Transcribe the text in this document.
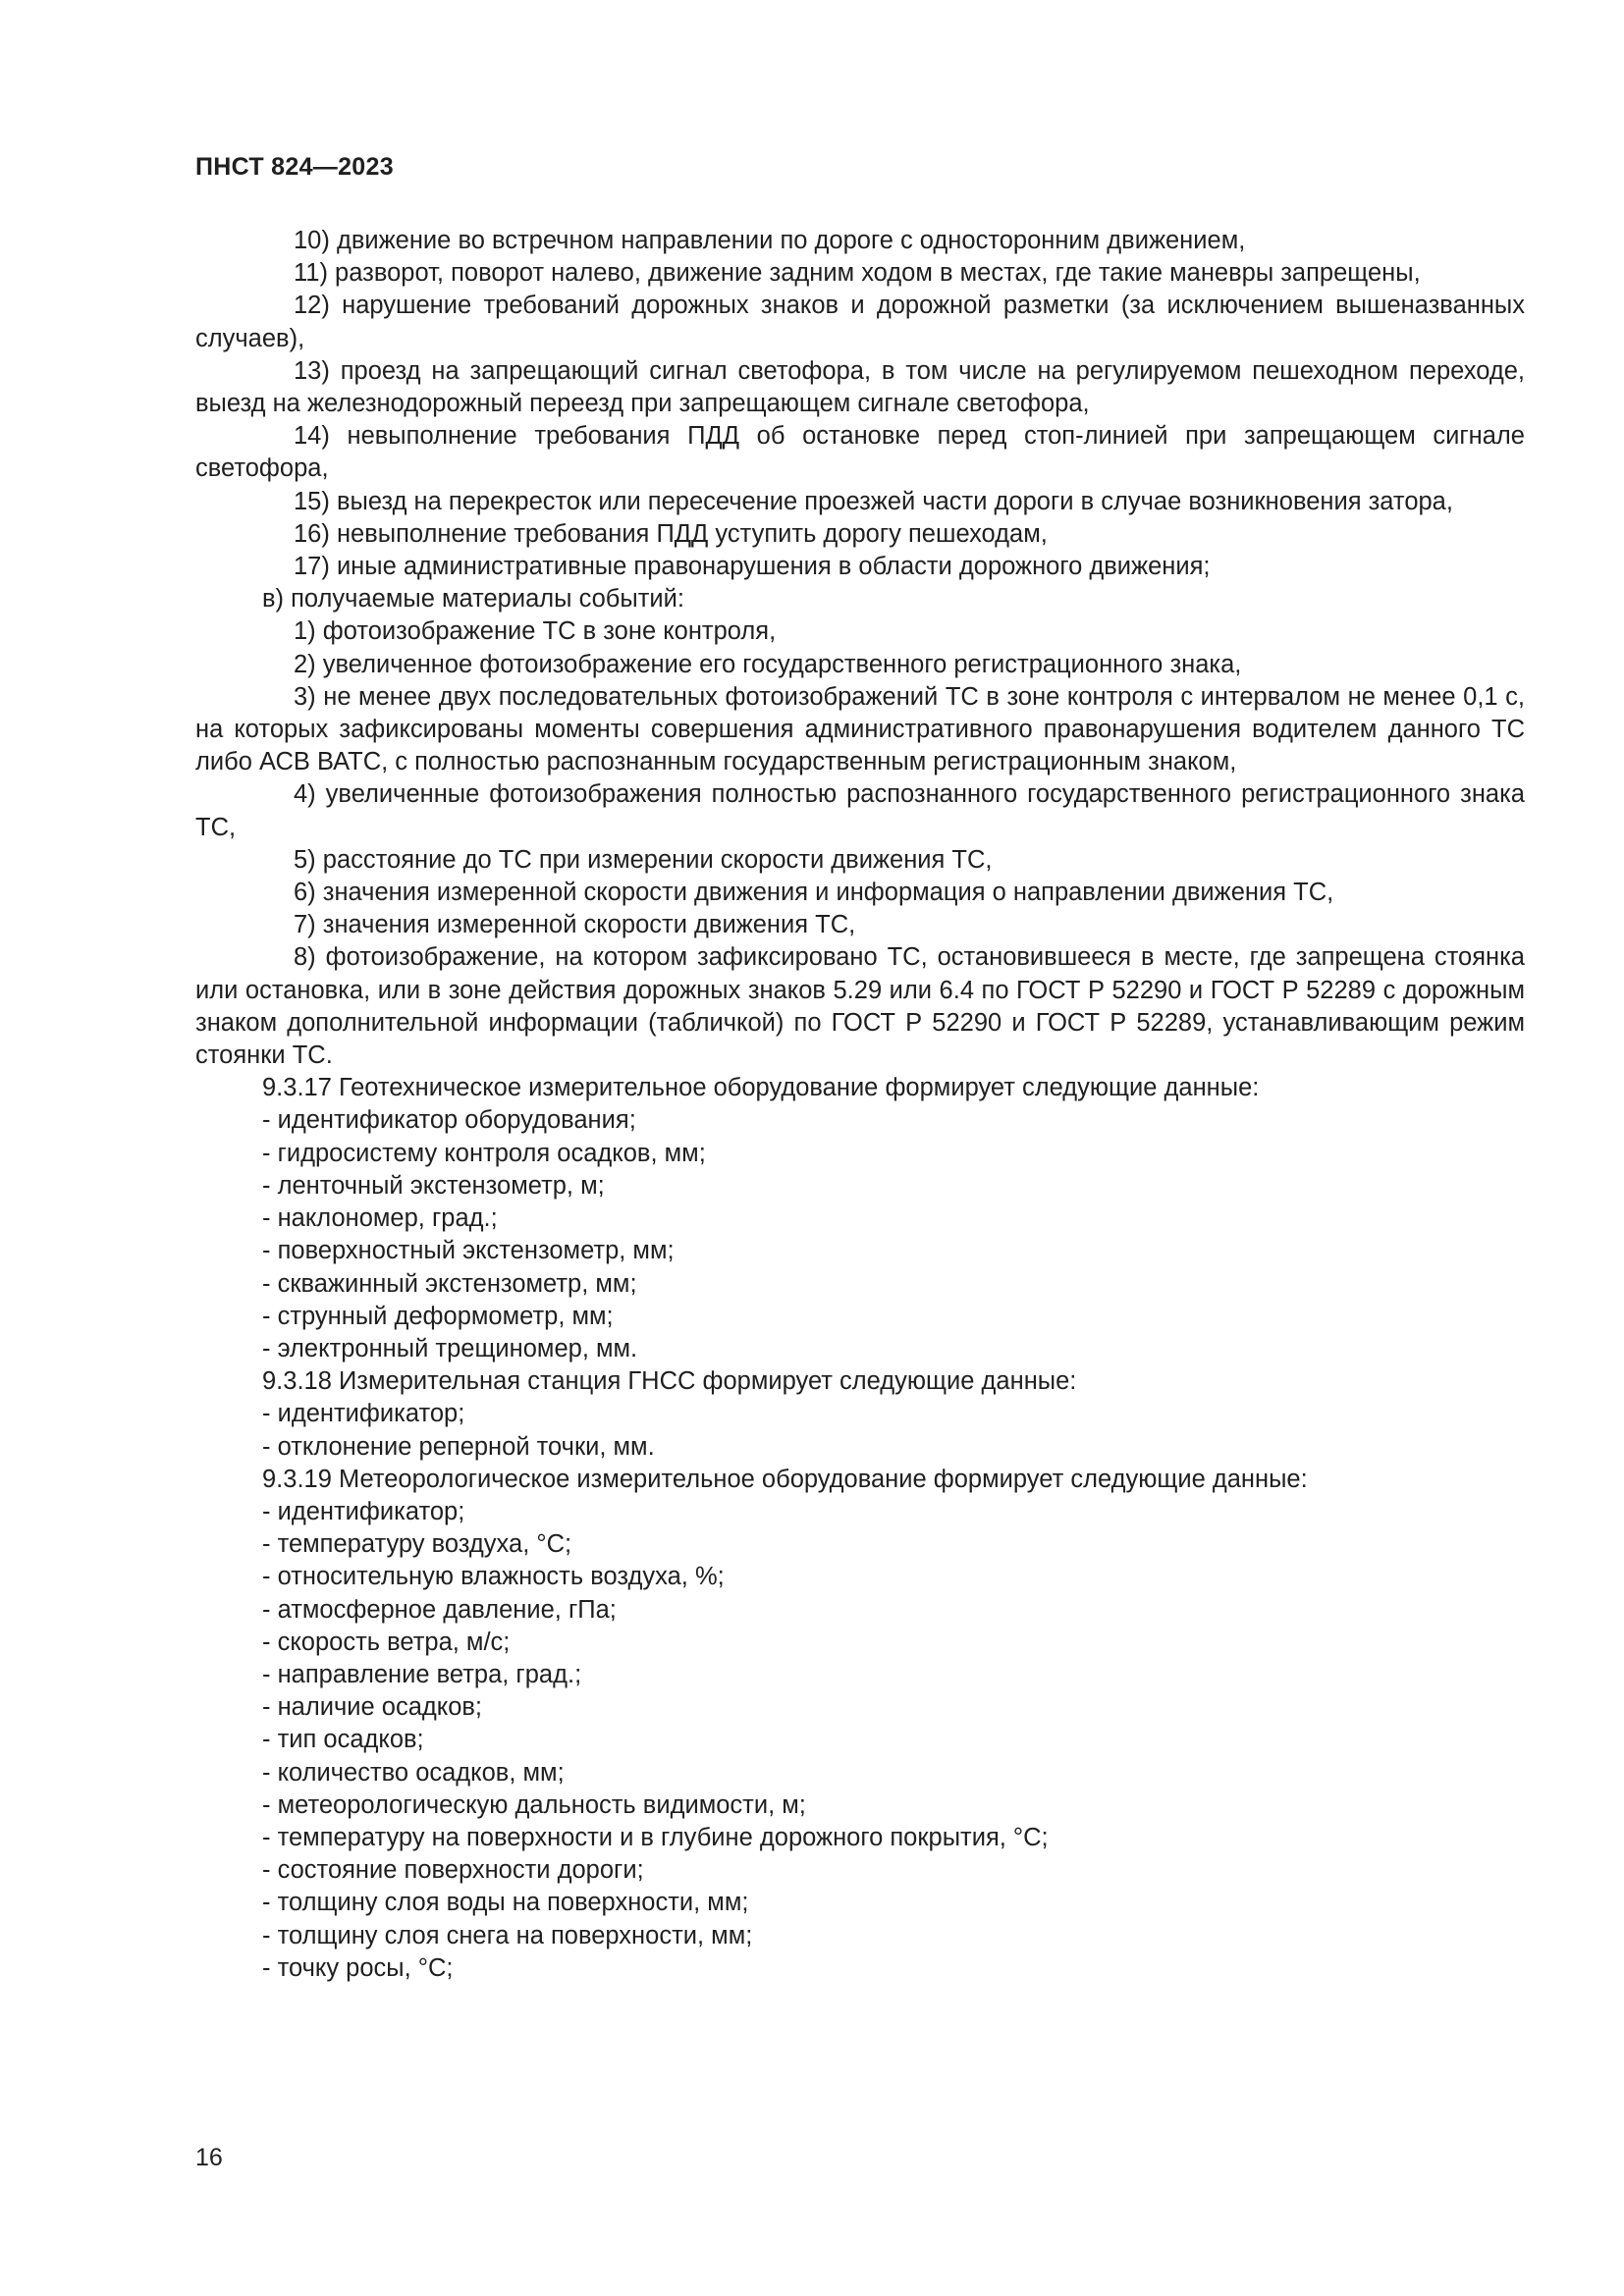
ПНСТ 824—2023

10) движение во встречном направлении по дороге с односторонним движением,

11) разворот, поворот налево, движение задним ходом в местах, где такие маневры запрещены,

12) нарушение требований дорожных знаков и дорожной разметки (за исключением вышеназванных случаев),

13) проезд на запрещающий сигнал светофора, в том числе на регулируемом пешеходном переходе, выезд на железнодорожный переезд при запрещающем сигнале светофора,

14) невыполнение требования ПДД об остановке перед стоп-линией при запрещающем сигнале светофора,

15) выезд на перекресток или пересечение проезжей части дороги в случае возникновения затора,

16) невыполнение требования ПДД уступить дорогу пешеходам,

17) иные административные правонарушения в области дорожного движения;

в) получаемые материалы событий:

1) фотоизображение ТС в зоне контроля,

2) увеличенное фотоизображение его государственного регистрационного знака,

3) не менее двух последовательных фотоизображений ТС в зоне контроля с интервалом не менее 0,1 с, на которых зафиксированы моменты совершения административного правонарушения водителем данного ТС либо АСВ ВАТС, с полностью распознанным государственным регистрационным знаком,

4) увеличенные фотоизображения полностью распознанного государственного регистрационного знака ТС,

5) расстояние до ТС при измерении скорости движения ТС,

6) значения измеренной скорости движения и информация о направлении движения ТС,

7) значения измеренной скорости движения ТС,

8) фотоизображение, на котором зафиксировано ТС, остановившееся в месте, где запрещена стоянка или остановка, или в зоне действия дорожных знаков 5.29 или 6.4 по ГОСТ Р 52290 и ГОСТ Р 52289 с дорожным знаком дополнительной информации (табличкой) по ГОСТ Р 52290 и ГОСТ Р 52289, устанавливающим режим стоянки ТС.

9.3.17 Геотехническое измерительное оборудование формирует следующие данные:

- идентификатор оборудования;

- гидросистему контроля осадков, мм;

- ленточный экстензометр, м;

- наклономер, град.;

- поверхностный экстензометр, мм;

- скважинный экстензометр, мм;

- струнный деформометр, мм;

- электронный трещиномер, мм.

9.3.18 Измерительная станция ГНСС формирует следующие данные:

- идентификатор;

- отклонение реперной точки, мм.

9.3.19 Метеорологическое измерительное оборудование формирует следующие данные:

- идентификатор;

- температуру воздуха, °С;

- относительную влажность воздуха, %;

- атмосферное давление, гПа;

- скорость ветра, м/с;

- направление ветра, град.;

- наличие осадков;

- тип осадков;

- количество осадков, мм;

- метеорологическую дальность видимости, м;

- температуру на поверхности и в глубине дорожного покрытия, °С;

- состояние поверхности дороги;

- толщину слоя воды на поверхности, мм;

- толщину слоя снега на поверхности, мм;

- точку росы, °С;

16
